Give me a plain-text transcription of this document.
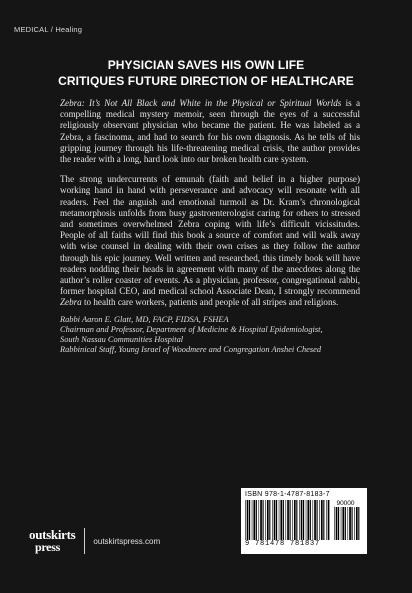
MEDICAL / Healing
PHYSICIAN SAVES HIS OWN LIFE
CRITIQUES FUTURE DIRECTION OF HEALTHCARE

Zebra: It’s Not All Black and White in the Physical or Spiritual Worlds is a compelling medical mystery memoir, seen through the eyes of a successful religiously observant physician who became the patient. He was labeled as a Zebra, a fascinoma, and had to search for his own diagnosis. As he tells of his gripping journey through his life-threatening medical crisis, the author provides the reader with a long, hard look into our broken health care system.

The strong undercurrents of emunah (faith and belief in a higher purpose) working hand in hand with perseverance and advocacy will resonate with all readers. Feel the anguish and emotional turmoil as Dr. Kram’s chronological metamorphosis unfolds from busy gastroenterologist caring for others to stressed and sometimes overwhelmed Zebra coping with life’s difficult vicissitudes. People of all faiths will find this book a source of comfort and will walk away with wise counsel in dealing with their own crises as they follow the author through his epic journey. Well written and researched, this timely book will have readers nodding their heads in agreement with many of the anecdotes along the author’s roller coaster of events. As a physician, professor, congregational rabbi, former hospital CEO, and medical school Associate Dean, I strongly recommend Zebra to health care workers, patients and people of all stripes and religions.

Rabbi Aaron E. Glatt, MD, FACP, FIDSA, FSHEA
Chairman and Professor, Department of Medicine & Hospital Epidemiologist,
South Nassau Communities Hospital
Rabbinical Staff, Young Israel of Woodmere and Congregation Anshei Chesed
ISBN 978-1-4787-8183-7
90000
9 781478 781837
outskirts
press	outskirtspress.com
